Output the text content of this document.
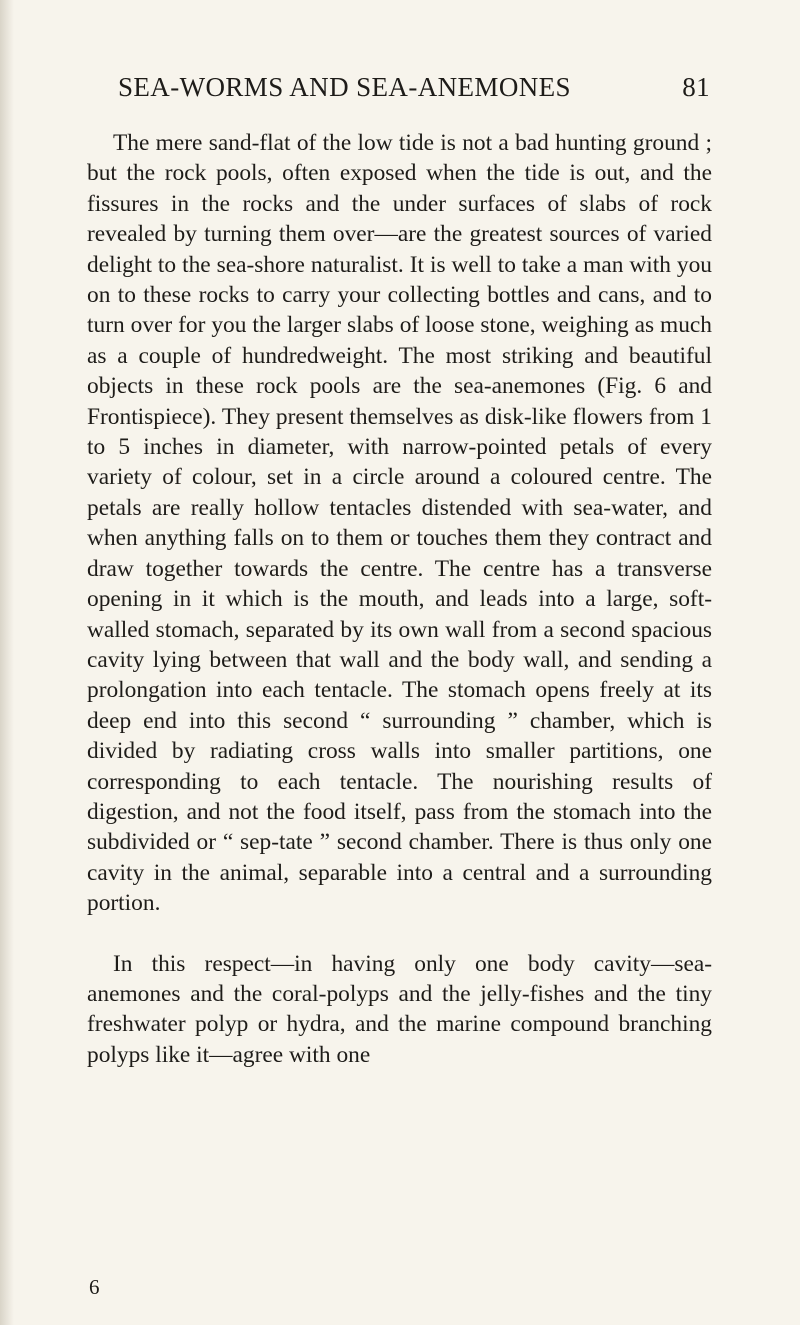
SEA-WORMS AND SEA-ANEMONES	81

The mere sand-flat of the low tide is not a bad hunting ground ; but the rock pools, often exposed when the tide is out, and the fissures in the rocks and the under surfaces of slabs of rock revealed by turning them over—are the greatest sources of varied delight to the sea-shore naturalist. It is well to take a man with you on to these rocks to carry your collecting bottles and cans, and to turn over for you the larger slabs of loose stone, weighing as much as a couple of hundredweight. The most striking and beautiful objects in these rock pools are the sea-anemones (Fig. 6 and Frontispiece). They present themselves as disk-like flowers from 1 to 5 inches in diameter, with narrow-pointed petals of every variety of colour, set in a circle around a coloured centre. The petals are really hollow tentacles distended with sea-water, and when anything falls on to them or touches them they contract and draw together towards the centre. The centre has a transverse opening in it which is the mouth, and leads into a large, soft-walled stomach, separated by its own wall from a second spacious cavity lying between that wall and the body wall, and sending a prolongation into each tentacle. The stomach opens freely at its deep end into this second “ surrounding ” chamber, which is divided by radiating cross walls into smaller partitions, one corresponding to each tentacle. The nourishing results of digestion, and not the food itself, pass from the stomach into the subdivided or “ sep-tate ” second chamber. There is thus only one cavity in the animal, separable into a central and a surrounding portion.

In this respect—in having only one body cavity—sea-anemones and the coral-polyps and the jelly-fishes and the tiny freshwater polyp or hydra, and the marine compound branching polyps like it—agree with one

6
